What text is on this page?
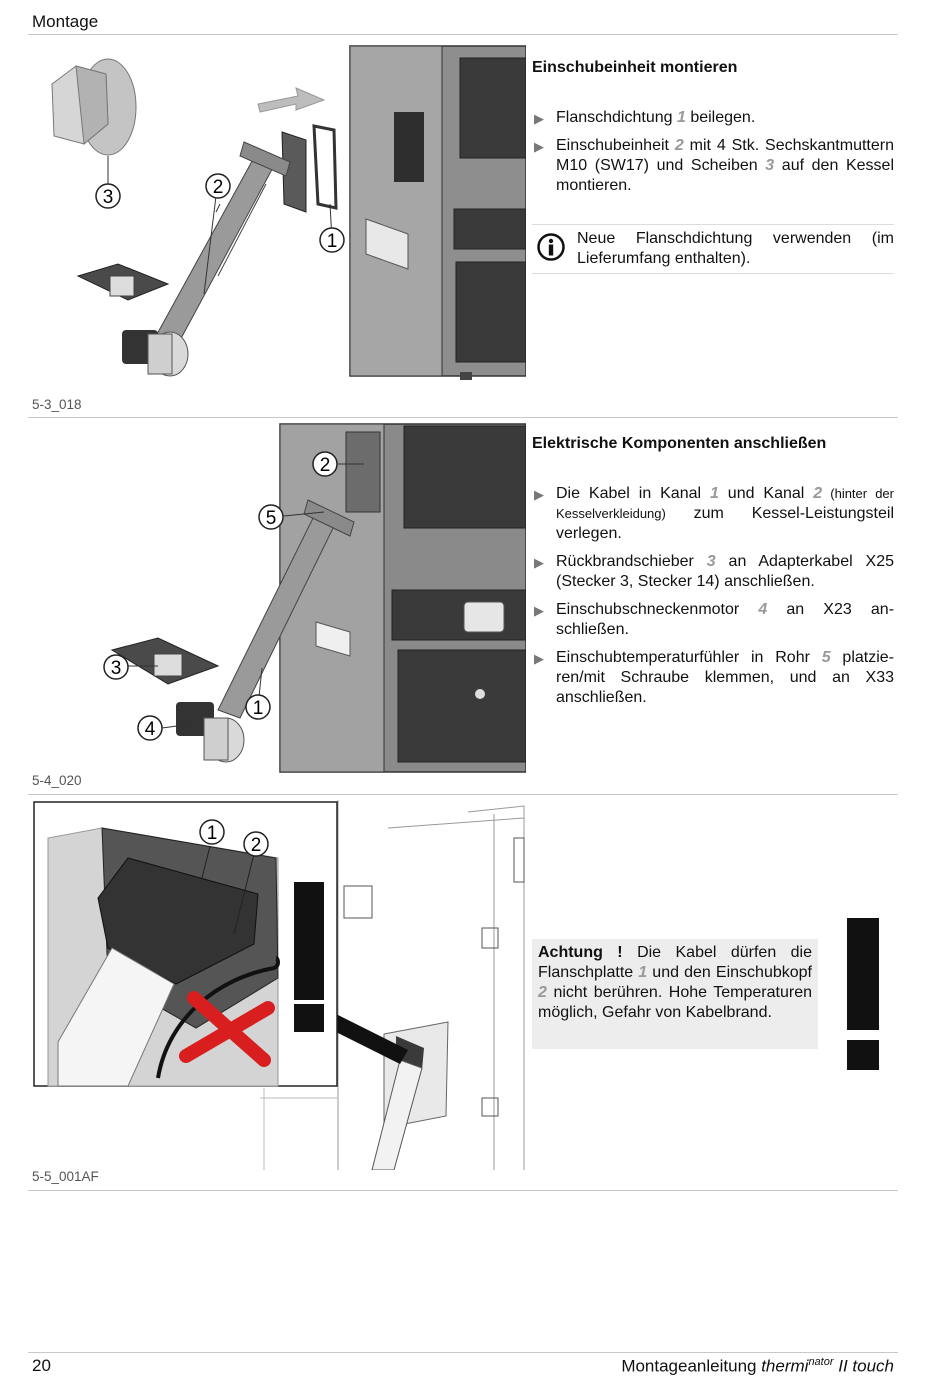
Montage
3	2
1
5-3_018
Einschubeinheit montieren
▶ Flanschdichtung 1 beilegen.
▶ Einschubeinheit 2 mit 4 Stk. Sechskantmuttern M10 (SW17) und Scheiben 3 auf den Kessel montieren.
Neue Flanschdichtung verwenden (im Lieferumfang enthalten).
2
5
3
1
4
5-4_020
Elektrische Komponenten anschließen
▶ Die Kabel in Kanal 1 und Kanal 2 (hinter der Kesselverkleidung) zum Kessel-Leistungsteil verlegen.
▶ Rückbrandschieber 3 an Adapterkabel X25 (Stecker 3, Stecker 14) anschließen.
▶ Einschubschneckenmotor 4 an X23 anschließen.
▶ Einschubtemperaturfühler in Rohr 5 platzieren/mit Schraube klemmen, und an X33 anschließen.
1
2
5-5_001AF
Achtung ! Die Kabel dürfen die Flanschplatte 1 und den Einschubkopf 2 nicht berühren. Hohe Temperaturen möglich, Gefahr von Kabelbrand.
20	Montageanleitung thermi$^{nator}$ II touch
